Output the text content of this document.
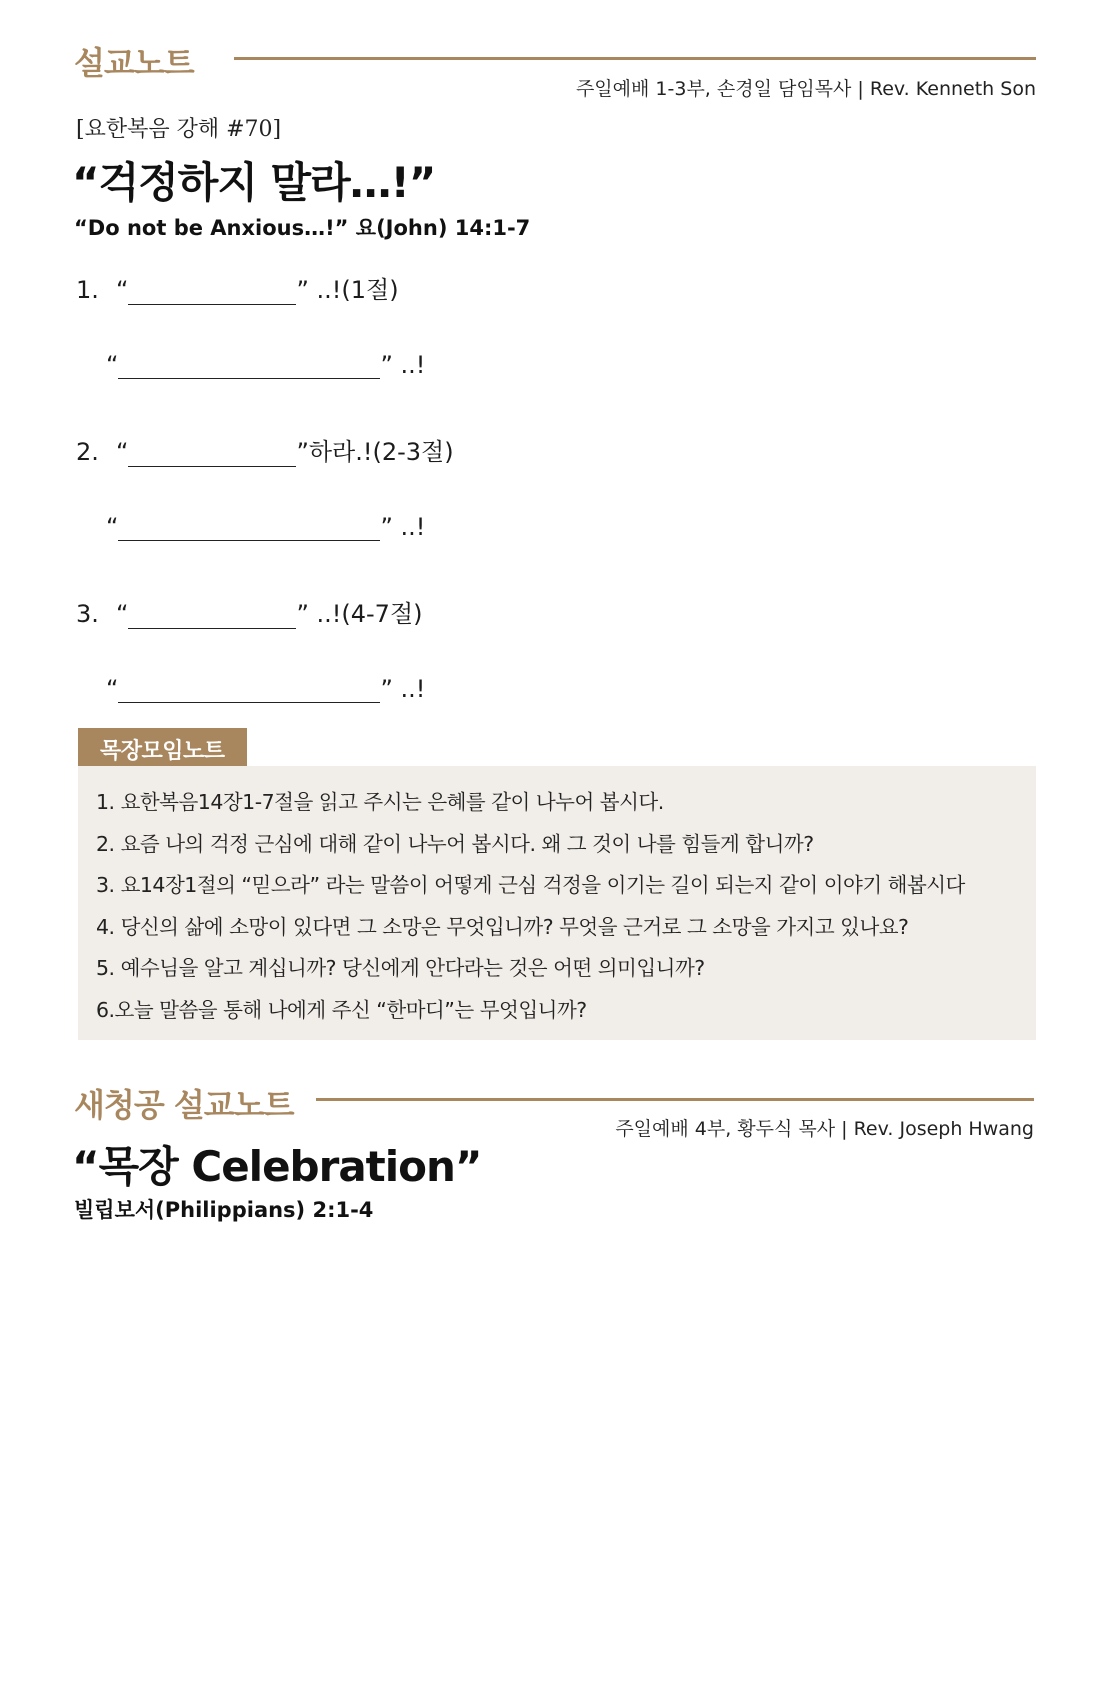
설교노트
주일예배 1-3부, 손경일 담임목사 | Rev. Kenneth Son
[요한복음 강해 #70]
“걱정하지 말라…!”
“Do not be Anxious…!” 요(John) 14:1-7
1. “	” ..!(1절)
“	” ..!
2. “	”하라.!(2-3절)
“	” ..!
3. “	” ..!(4-7절)
“	” ..!
목장모임노트
1. 요한복음14장1-7절을 읽고 주시는 은혜를 같이 나누어 봅시다.
2. 요즘 나의 걱정 근심에 대해 같이 나누어 봅시다. 왜 그 것이 나를 힘들게 합니까?
3. 요14장1절의 “믿으라” 라는 말씀이 어떻게 근심 걱정을 이기는 길이 되는지 같이 이야기 해봅시다
4. 당신의 삶에 소망이 있다면 그 소망은 무엇입니까? 무엇을 근거로 그 소망을 가지고 있나요?
5. 예수님을 알고 계십니까? 당신에게 안다라는 것은 어떤 의미입니까?
6.오늘 말씀을 통해 나에게 주신 “한마디”는 무엇입니까?
새청공 설교노트
주일예배 4부, 황두식 목사 | Rev. Joseph Hwang
“목장 Celebration”
빌립보서(Philippians) 2:1-4
